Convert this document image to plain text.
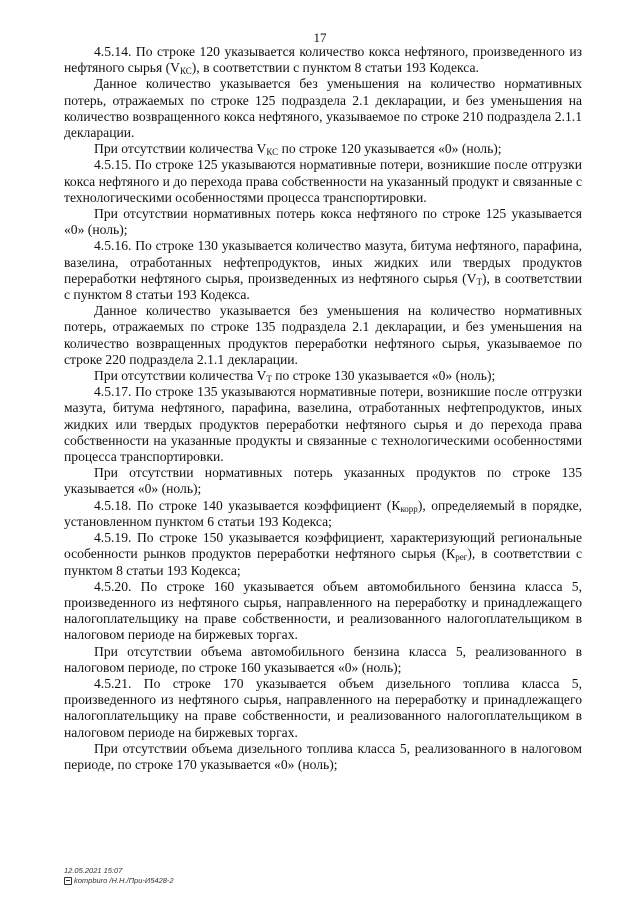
17

4.5.14. По строке 120 указывается количество кокса нефтяного, произведенного из нефтяного сырья $(V_{КС})$, в соответствии с пунктом 8 статьи 193 Кодекса.

Данное количество указывается без уменьшения на количество нормативных потерь, отражаемых по строке 125 подраздела 2.1 декларации, и без уменьшения на количество возвращенного кокса нефтяного, указываемое по строке 210 подраздела 2.1.1 декларации.

При отсутствии количества $V_{КС}$ по строке 120 указывается «0» (ноль);

4.5.15. По строке 125 указываются нормативные потери, возникшие после отгрузки кокса нефтяного и до перехода права собственности на указанный продукт и связанные с технологическими особенностями процесса транспортировки.

При отсутствии нормативных потерь кокса нефтяного по строке 125 указывается «0» (ноль);

4.5.16. По строке 130 указывается количество мазута, битума нефтяного, парафина, вазелина, отработанных нефтепродуктов, иных жидких или твердых продуктов переработки нефтяного сырья, произведенных из нефтяного сырья $(V_Т)$, в соответствии с пунктом 8 статьи 193 Кодекса.

Данное количество указывается без уменьшения на количество нормативных потерь, отражаемых по строке 135 подраздела 2.1 декларации, и без уменьшения на количество возвращенных продуктов переработки нефтяного сырья, указываемое по строке 220 подраздела 2.1.1 декларации.

При отсутствии количества $V_Т$ по строке 130 указывается «0» (ноль);

4.5.17. По строке 135 указываются нормативные потери, возникшие после отгрузки мазута, битума нефтяного, парафина, вазелина, отработанных нефтепродуктов, иных жидких или твердых продуктов переработки нефтяного сырья и до перехода права собственности на указанные продукты и связанные с технологическими особенностями процесса транспортировки.

При отсутствии нормативных потерь указанных продуктов по строке 135 указывается «0» (ноль);

4.5.18. По строке 140 указывается коэффициент $(К_{корр})$, определяемый в порядке, установленном пунктом 6 статьи 193 Кодекса;

4.5.19. По строке 150 указывается коэффициент, характеризующий региональные особенности рынков продуктов переработки нефтяного сырья $(К_{рег})$, в соответствии с пунктом 8 статьи 193 Кодекса;

4.5.20. По строке 160 указывается объем автомобильного бензина класса 5, произведенного из нефтяного сырья, направленного на переработку и принадлежащего налогоплательщику на праве собственности, и реализованного налогоплательщиком в налоговом периоде на биржевых торгах.

При отсутствии объема автомобильного бензина класса 5, реализованного в налоговом периоде, по строке 160 указывается «0» (ноль);

4.5.21. По строке 170 указывается объем дизельного топлива класса 5, произведенного из нефтяного сырья, направленного на переработку и принадлежащего налогоплательщику на праве собственности, и реализованного налогоплательщиком в налоговом периоде на биржевых торгах.

При отсутствии объема дизельного топлива класса 5, реализованного в налоговом периоде, по строке 170 указывается «0» (ноль);

12.05.2021 15:07
kompburo /Н.Н./При-И5428-2
